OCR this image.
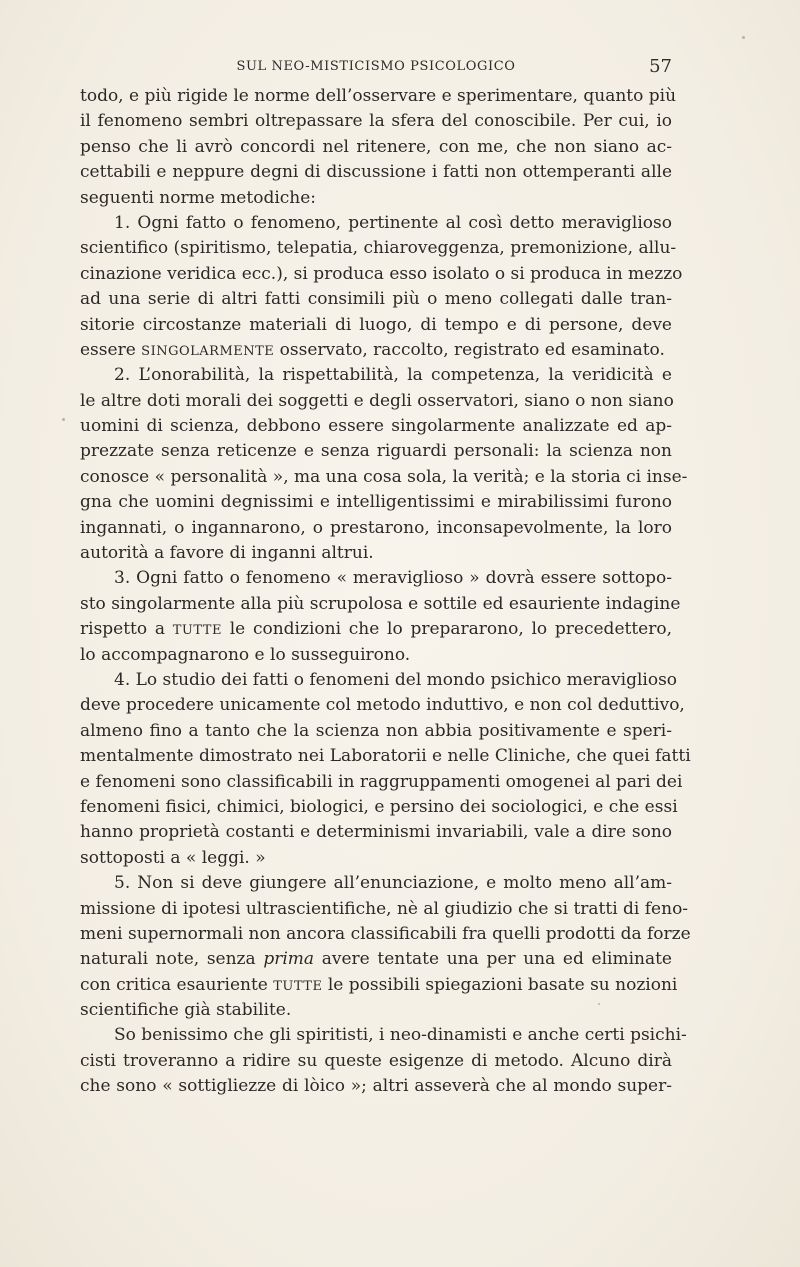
SUL NEO-MISTICISMO PSICOLOGICO	57
todo, e più rigide le norme dell’osservare e sperimentare, quanto più
il fenomeno sembri oltrepassare la sfera del conoscibile. Per cui, io
penso che li avrò concordi nel ritenere, con me, che non siano ac-
cettabili e neppure degni di discussione i fatti non ottemperanti alle
seguenti norme metodiche:
1. Ogni fatto o fenomeno, pertinente al così detto meraviglioso
scientifico (spiritismo, telepatia, chiaroveggenza, premonizione, allu-
cinazione veridica ecc.), si produca esso isolato o si produca in mezzo
ad una serie di altri fatti consimili più o meno collegati dalle tran-
sitorie circostanze materiali di luogo, di tempo e di persone, deve
essere SINGOLARMENTE osservato, raccolto, registrato ed esaminato.
2. L’onorabilità, la rispettabilità, la competenza, la veridicità e
le altre doti morali dei soggetti e degli osservatori, siano o non siano
uomini di scienza, debbono essere singolarmente analizzate ed ap-
prezzate senza reticenze e senza riguardi personali: la scienza non
conosce « personalità », ma una cosa sola, la verità; e la storia ci inse-
gna che uomini degnissimi e intelligentissimi e mirabilissimi furono
ingannati, o ingannarono, o prestarono, inconsapevolmente, la loro
autorità a favore di inganni altrui.
3. Ogni fatto o fenomeno « meraviglioso » dovrà essere sottopo-
sto singolarmente alla più scrupolosa e sottile ed esauriente indagine
rispetto a TUTTE le condizioni che lo prepararono, lo precedettero,
lo accompagnarono e lo susseguirono.
4. Lo studio dei fatti o fenomeni del mondo psichico meraviglioso
deve procedere unicamente col metodo induttivo, e non col deduttivo,
almeno fino a tanto che la scienza non abbia positivamente e speri-
mentalmente dimostrato nei Laboratorii e nelle Cliniche, che quei fatti
e fenomeni sono classificabili in raggruppamenti omogenei al pari dei
fenomeni fisici, chimici, biologici, e persino dei sociologici, e che essi
hanno proprietà costanti e determinismi invariabili, vale a dire sono
sottoposti a « leggi. »
5. Non si deve giungere all’enunciazione, e molto meno all’am-
missione di ipotesi ultrascientifiche, nè al giudizio che si tratti di feno-
meni supernormali non ancora classificabili fra quelli prodotti da forze
naturali note, senza prima avere tentate una per una ed eliminate
con critica esauriente TUTTE le possibili spiegazioni basate su nozioni
scientifiche già stabilite.
So benissimo che gli spiritisti, i neo-dinamisti e anche certi psichi-
cisti troveranno a ridire su queste esigenze di metodo. Alcuno dirà
che sono « sottigliezze di lòico »; altri asseverà che al mondo super-
